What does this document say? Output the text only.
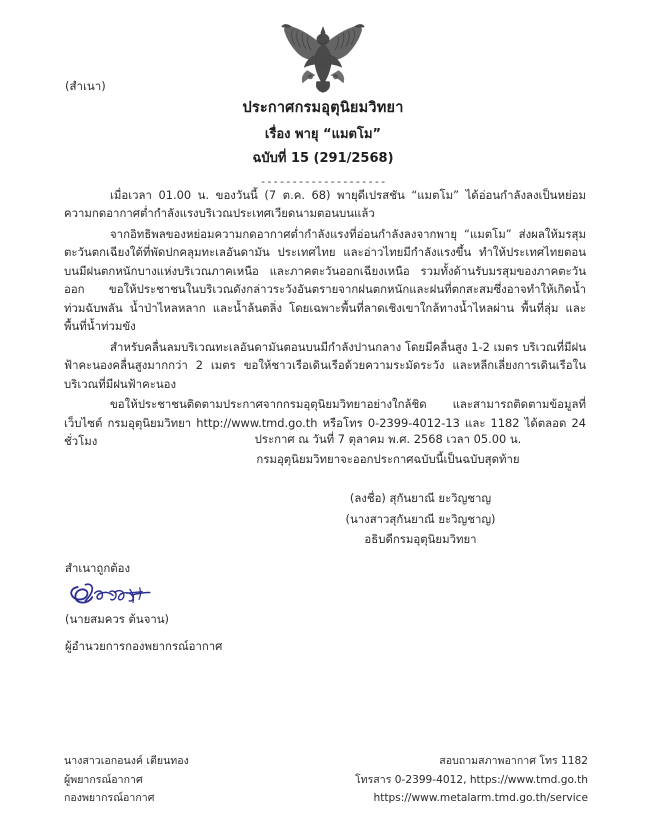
(สำเนา)
ประกาศกรมอุตุนิยมวิทยา
เรื่อง พายุ “แมตโม”
ฉบับที่ 15 (291/2568)
--------------------

เมื่อเวลา 01.00 น. ของวันนี้ (7 ต.ค. 68) พายุดีเปรสชัน “แมตโม” ได้อ่อนกำลังลงเป็นหย่อมความกดอากาศต่ำกำลังแรงบริเวณประเทศเวียดนามตอนบนแล้ว

จากอิทธิพลของหย่อมความกดอากาศต่ำกำลังแรงที่อ่อนกำลังลงจากพายุ “แมตโม” ส่งผลให้มรสุมตะวันตกเฉียงใต้ที่พัดปกคลุมทะเลอันดามัน ประเทศไทย และอ่าวไทยมีกำลังแรงขึ้น ทำให้ประเทศไทยตอนบนมีฝนตกหนักบางแห่งบริเวณภาคเหนือ และภาคตะวันออกเฉียงเหนือ รวมทั้งด้านรับมรสุมของภาคตะวันออก ขอให้ประชาชนในบริเวณดังกล่าวระวังอันตรายจากฝนตกหนักและฝนที่ตกสะสมซึ่งอาจทำให้เกิดน้ำท่วมฉับพลัน น้ำป่าไหลหลาก และน้ำล้นตลิ่ง โดยเฉพาะพื้นที่ลาดเชิงเขาใกล้ทางน้ำไหลผ่าน พื้นที่ลุ่ม และพื้นที่น้ำท่วมขัง

สำหรับคลื่นลมบริเวณทะเลอันดามันตอนบนมีกำลังปานกลาง โดยมีคลื่นสูง 1-2 เมตร บริเวณที่มีฝนฟ้าคะนองคลื่นสูงมากกว่า 2 เมตร ขอให้ชาวเรือเดินเรือด้วยความระมัดระวัง และหลีกเลี่ยงการเดินเรือในบริเวณที่มีฝนฟ้าคะนอง

ขอให้ประชาชนติดตามประกาศจากกรมอุตุนิยมวิทยาอย่างใกล้ชิด และสามารถติดตามข้อมูลที่เว็บไซต์ กรมอุตุนิยมวิทยา http://www.tmd.go.th หรือโทร 0-2399-4012-13 และ 1182 ได้ตลอด 24 ชั่วโมง	ประกาศ ณ วันที่ 7 ตุลาคม พ.ศ. 2568 เวลา 05.00 น.
กรมอุตุนิยมวิทยาจะออกประกาศฉบับนี้เป็นฉบับสุดท้าย
(ลงชื่อ) สุกันยาณี ยะวิญชาญ
(นางสาวสุกันยาณี ยะวิญชาญ)
อธิบดีกรมอุตุนิยมวิทยา
สำเนาถูกต้อง
(นายสมควร ต้นจาน)
ผู้อำนวยการกองพยากรณ์อากาศ
นางสาวเอกอนงค์ เตียนทอง
ผู้พยากรณ์อากาศ
กองพยากรณ์อากาศ
สอบถามสภาพอากาศ โทร 1182
โทรสาร 0-2399-4012, https://www.tmd.go.th
https://www.metalarm.tmd.go.th/service
